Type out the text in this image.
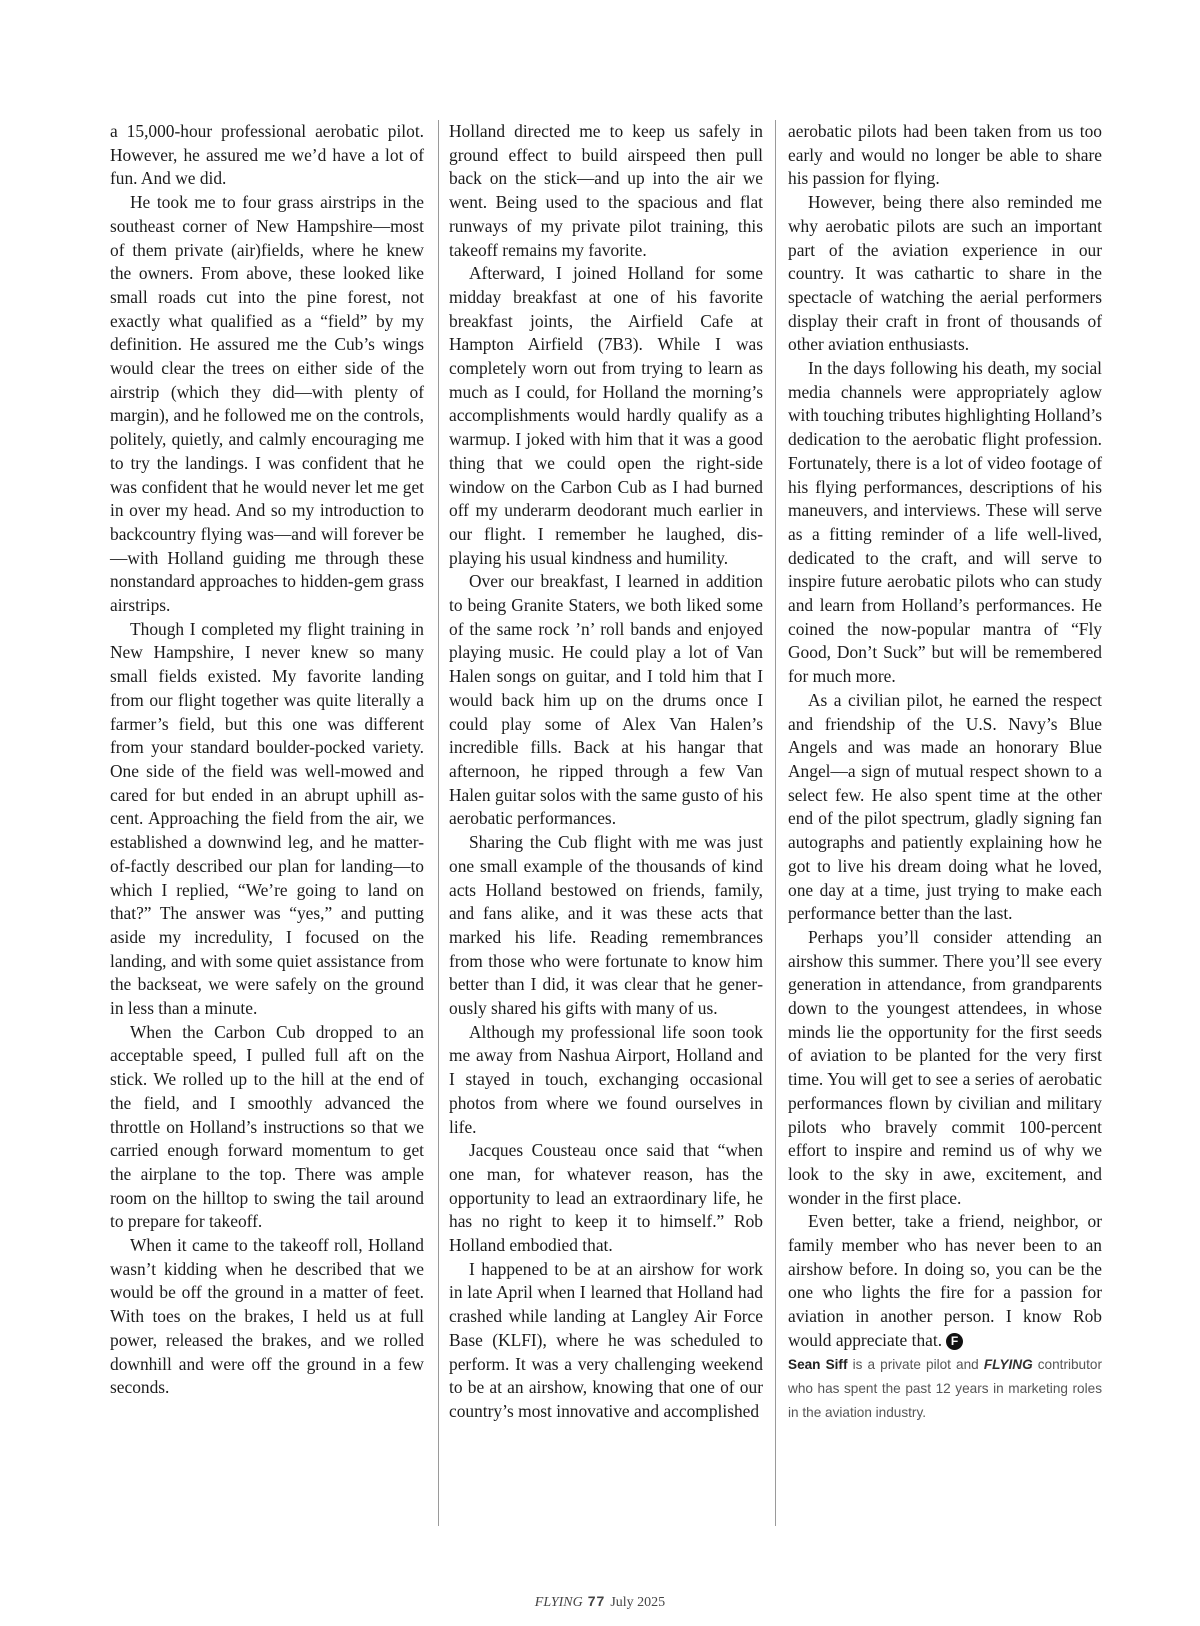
a 15,000-hour professional aerobatic pilot. However, he assured me we’d have a lot of fun. And we did.

He took me to four grass airstrips in the southeast corner of New Hampshire—most of them private (air)fields, where he knew the owners. From above, these looked like small roads cut into the pine forest, not exactly what qualified as a “field” by my definition. He assured me the Cub’s wings would clear the trees on either side of the airstrip (which they did—with plenty of margin), and he followed me on the controls, politely, quietly, and calmly encouraging me to try the landings. I was confident that he was confident that he would never let me get in over my head. And so my introduction to backcountry flying was—and will forever be—with Holland guiding me through these nonstandard approaches to hidden-gem grass airstrips.

Though I completed my flight training in New Hampshire, I never knew so many small fields existed. My favorite landing from our flight together was quite literally a farmer’s field, but this one was different from your standard boulder-pocked variety. One side of the field was well-mowed and cared for but ended in an abrupt uphill ascent. Approaching the field from the air, we established a downwind leg, and he matter-of-factly described our plan for landing—to which I replied, “We’re going to land on that?” The answer was “yes,” and putting aside my incredulity, I focused on the landing, and with some quiet assistance from the backseat, we were safely on the ground in less than a minute.

When the Carbon Cub dropped to an acceptable speed, I pulled full aft on the stick. We rolled up to the hill at the end of the field, and I smoothly advanced the throttle on Holland’s instructions so that we carried enough forward momentum to get the airplane to the top. There was ample room on the hilltop to swing the tail around to prepare for takeoff.

When it came to the takeoff roll, Holland wasn’t kidding when he described that we would be off the ground in a matter of feet. With toes on the brakes, I held us at full power, released the brakes, and we rolled downhill and were off the ground in a few seconds.

Holland directed me to keep us safely in ground effect to build airspeed then pull back on the stick—and up into the air we went. Being used to the spacious and flat runways of my private pilot training, this takeoff remains my favorite.

Afterward, I joined Holland for some midday breakfast at one of his favorite breakfast joints, the Airfield Cafe at Hampton Airfield (7B3). While I was completely worn out from trying to learn as much as I could, for Holland the morning’s accomplishments would hardly qualify as a warmup. I joked with him that it was a good thing that we could open the right-side window on the Carbon Cub as I had burned off my underarm deodorant much earlier in our flight. I remember he laughed, displaying his usual kindness and humility.

Over our breakfast, I learned in addition to being Granite Staters, we both liked some of the same rock ’n’ roll bands and enjoyed playing music. He could play a lot of Van Halen songs on guitar, and I told him that I would back him up on the drums once I could play some of Alex Van Halen’s incredible fills. Back at his hangar that afternoon, he ripped through a few Van Halen guitar solos with the same gusto of his aerobatic performances.

Sharing the Cub flight with me was just one small example of the thousands of kind acts Holland bestowed on friends, family, and fans alike, and it was these acts that marked his life. Reading remembrances from those who were fortunate to know him better than I did, it was clear that he generously shared his gifts with many of us.

Although my professional life soon took me away from Nashua Airport, Holland and I stayed in touch, exchanging occasional photos from where we found ourselves in life.

Jacques Cousteau once said that “when one man, for whatever reason, has the opportunity to lead an extraordinary life, he has no right to keep it to himself.” Rob Holland embodied that.

I happened to be at an airshow for work in late April when I learned that Holland had crashed while landing at Langley Air Force Base (KLFI), where he was scheduled to perform. It was a very challenging weekend to be at an airshow, knowing that one of our country’s most innovative and accomplished

aerobatic pilots had been taken from us too early and would no longer be able to share his passion for flying.

However, being there also reminded me why aerobatic pilots are such an important part of the aviation experience in our country. It was cathartic to share in the spectacle of watching the aerial performers display their craft in front of thousands of other aviation enthusiasts.

In the days following his death, my social media channels were appropriately aglow with touching tributes highlighting Holland’s dedication to the aerobatic flight profession. Fortunately, there is a lot of video footage of his flying performances, descriptions of his maneuvers, and interviews. These will serve as a fitting reminder of a life well-lived, dedicated to the craft, and will serve to inspire future aerobatic pilots who can study and learn from Holland’s performances. He coined the now-popular mantra of “Fly Good, Don’t Suck” but will be remembered for much more.

As a civilian pilot, he earned the respect and friendship of the U.S. Navy’s Blue Angels and was made an honorary Blue Angel—a sign of mutual respect shown to a select few. He also spent time at the other end of the pilot spectrum, gladly signing fan autographs and patiently explaining how he got to live his dream doing what he loved, one day at a time, just trying to make each performance better than the last.

Perhaps you’ll consider attending an airshow this summer. There you’ll see every generation in attendance, from grandparents down to the youngest attendees, in whose minds lie the opportunity for the first seeds of aviation to be planted for the very first time. You will get to see a series of aerobatic performances flown by civilian and military pilots who bravely commit 100-percent effort to inspire and remind us of why we look to the sky in awe, excitement, and wonder in the first place.

Even better, take a friend, neighbor, or family member who has never been to an airshow before. In doing so, you can be the one who lights the fire for a passion for aviation in another person. I know Rob would appreciate that. F

Sean Siff is a private pilot and FLYING contributor who has spent the past 12 years in marketing roles in the aviation industry.

FLYING 77 July 2025
